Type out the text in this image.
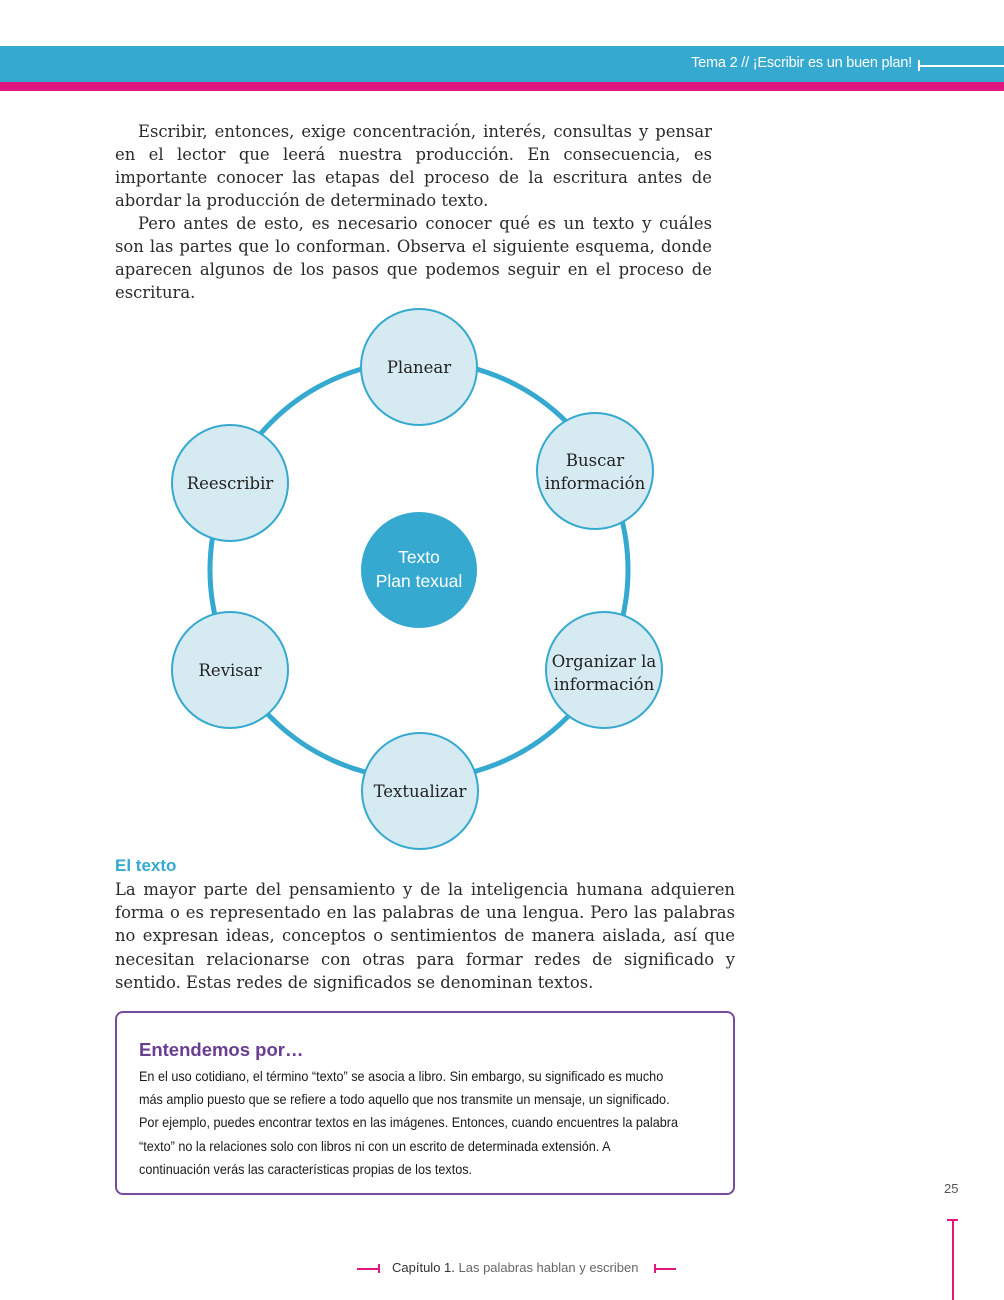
Tema 2 // ¡Escribir es un buen plan!

Escribir, entonces, exige concentración, interés, consultas y pensar en el lector que leerá nuestra producción. En consecuencia, es importante conocer las etapas del proceso de la escritura antes de abordar la producción de determinado texto.

Pero antes de esto, es necesario conocer qué es un texto y cuáles son las partes que lo conforman. Observa el siguiente esquema, donde aparecen algunos de los pasos que podemos seguir en el proceso de escritura.

Texto
Plan texual
Planear
Buscar
información
Organizar la
información
Textualizar
Revisar
Reescribir
El texto

La mayor parte del pensamiento y de la inteligencia humana adquieren forma o es representado en las palabras de una lengua. Pero las palabras no expresan ideas, conceptos o sentimientos de manera aislada, así que necesitan relacionarse con otras para formar redes de significado y sentido. Estas redes de significados se denominan textos.

Entendemos por…

En el uso cotidiano, el término “texto” se asocia a libro. Sin embargo, su significado es mucho más amplio puesto que se refiere a todo aquello que nos transmite un mensaje, un significado. Por ejemplo, puedes encontrar textos en las imágenes. Entonces, cuando encuentres la palabra “texto” no la relaciones solo con libros ni con un escrito de determinada extensión. A continuación verás las características propias de los textos.

25
Capítulo 1. Las palabras hablan y escriben
